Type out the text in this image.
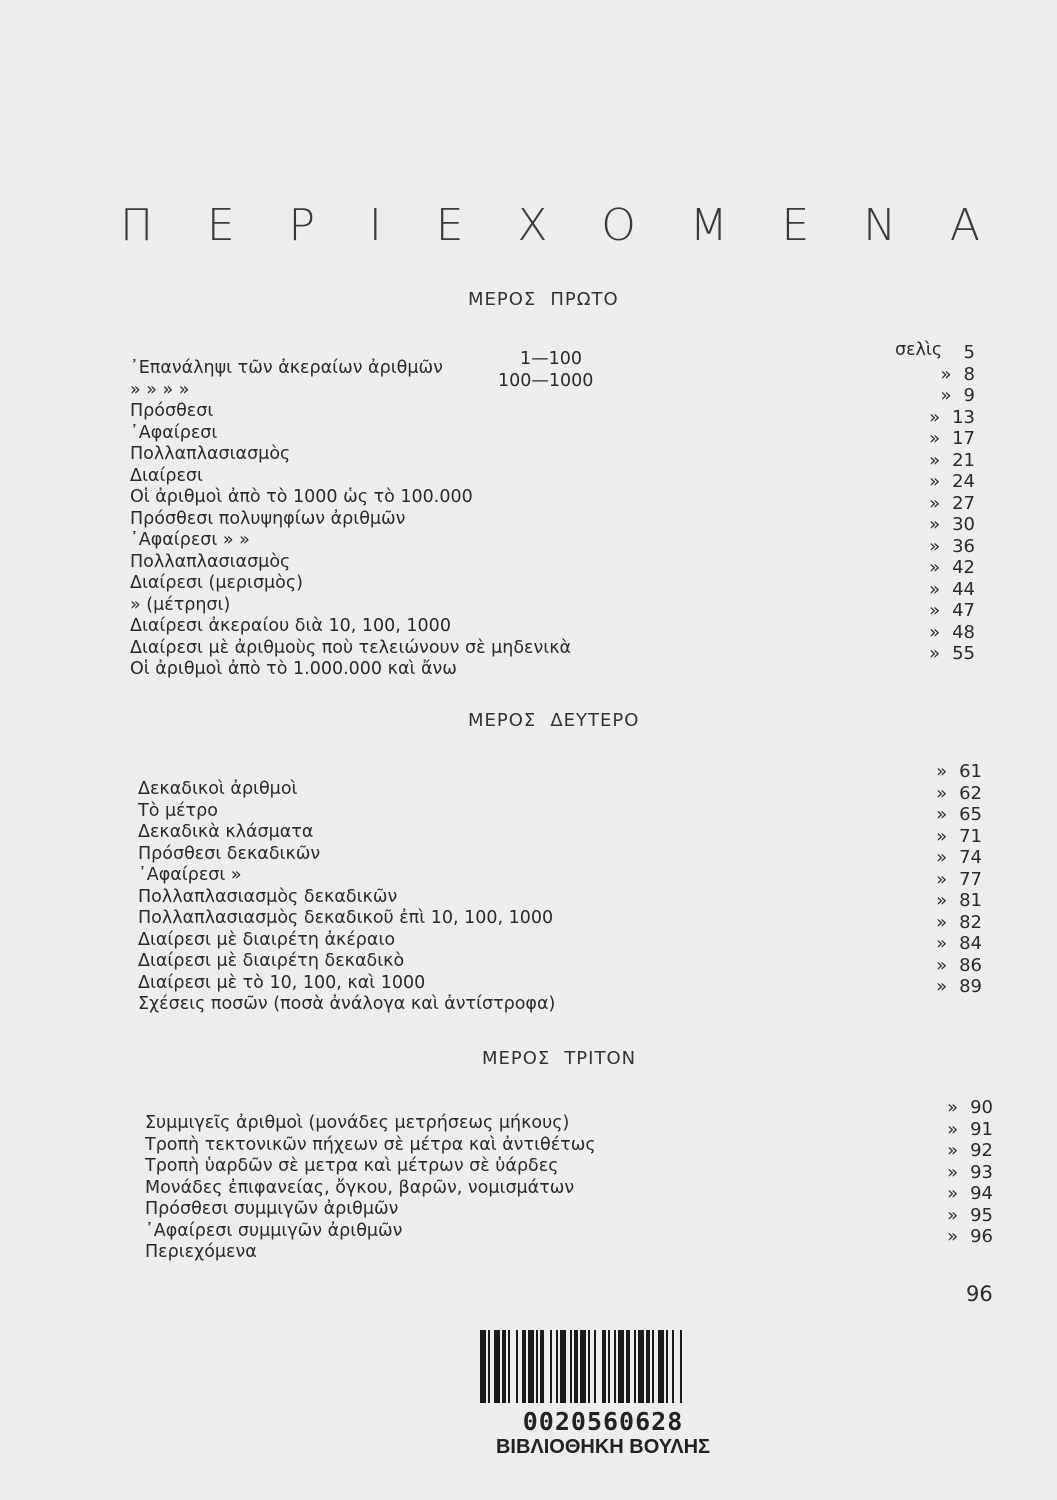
Π Ε Ρ Ι Ε Χ Ο Μ Ε Ν Α
ΜΕΡΟΣ ΠΡΩΤΟ
σελὶς
1—100
100—1000
᾿Επανάληψι τῶν ἀκεραίων ἀριθμῶν
» » » »
Πρόσθεσι
᾿Αφαίρεσι
Πολλαπλασιασμὸς
Διαίρεσι
Οἱ ἀριθμοὶ ἀπὸ τὸ 1000 ὡς τὸ 100.000
Πρόσθεσι πολυψηφίων ἀριθμῶν
᾿Αφαίρεσι » »
Πολλαπλασιασμὸς
Διαίρεσι (μερισμὸς)
» (μέτρησι)
Διαίρεσι ἀκεραίου διὰ 10, 100, 1000
Διαίρεσι μὲ ἀριθμοὺς ποὺ τελειώνουν σὲ μηδενικὰ
Οἱ ἀριθμοὶ ἀπὸ τὸ 1.000.000 καὶ ἄνω
5
» 8
» 9
» 13
» 17
» 21
» 24
» 27
» 30
» 36
» 42
» 44
» 47
» 48
» 55
ΜΕΡΟΣ ΔΕΥΤΕΡΟ
Δεκαδικοὶ ἀριθμοὶ
Τὸ μέτρο
Δεκαδικὰ κλάσματα
Πρόσθεσι δεκαδικῶν
᾿Αφαίρεσι »
Πολλαπλασιασμὸς δεκαδικῶν
Πολλαπλασιασμὸς δεκαδικοῦ ἐπὶ 10, 100, 1000
Διαίρεσι μὲ διαιρέτη ἀκέραιο
Διαίρεσι μὲ διαιρέτη δεκαδικὸ
Διαίρεσι μὲ τὸ 10, 100, καὶ 1000
Σχέσεις ποσῶν (ποσὰ ἀνάλογα καὶ ἀντίστροφα)
» 61
» 62
» 65
» 71
» 74
» 77
» 81
» 82
» 84
» 86
» 89
ΜΕΡΟΣ ΤΡΙΤΟΝ
Συμμιγεῖς ἀριθμοὶ (μονάδες μετρήσεως μήκους)
Τροπὴ τεκτονικῶν πήχεων σὲ μέτρα καὶ ἀντιθέτως
Τροπὴ ὑαρδῶν σὲ μετρα καὶ μέτρων σὲ ὑάρδες
Μονάδες ἐπιφανείας, ὄγκου, βαρῶν, νομισμάτων
Πρόσθεσι συμμιγῶν ἀριθμῶν
᾿Αφαίρεσι συμμιγῶν ἀριθμῶν
Περιεχόμενα
» 90
» 91
» 92
» 93
» 94
» 95
» 96
96
0020560628
ΒΙΒΛΙΟΘΗΚΗ ΒΟΥΛΗΣ
